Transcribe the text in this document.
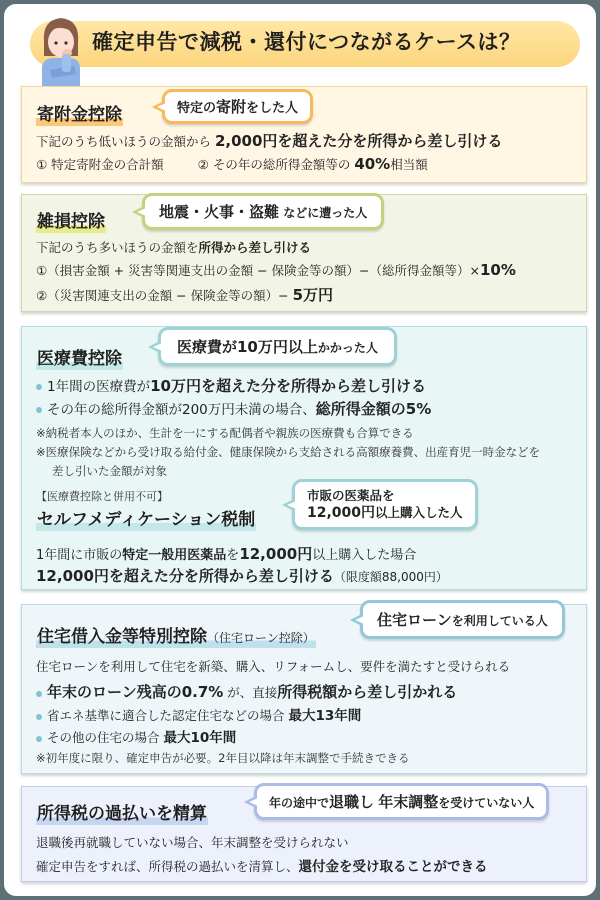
確定申告で減税・還付につながるケースは？
寄附金控除	特定の寄附をした人
下記のうち低いほうの金額から 2,000円を超えた分を所得から差し引ける
① 特定寄附金の合計額	② その年の総所得金額等の 40%相当額
雑損控除	地震・火事・盗難 などに遭った人
下記のうち多いほうの金額を所得から差し引ける
①（損害金額 + 災害等関連支出の金額 − 保険金等の額）−（総所得金額等）×10%
②（災害関連支出の金額 − 保険金等の額）− 5万円
医療費控除
医療費が10万円以上かかった人
1年間の医療費が10万円を超えた分を所得から差し引ける
その年の総所得金額が200万円未満の場合、総所得金額の5%
※納税者本人のほか、生計を一にする配偶者や親族の医療費も合算できる
※医療保険などから受け取る給付金、健康保険から支給される高額療養費、出産育児一時金などを
差し引いた金額が対象
【医療費控除と併用不可】
セルフメディケーション税制
市販の医薬品を
12,000円以上購入した人
1年間に市販の特定一般用医薬品を12,000円以上購入した場合
12,000円を超えた分を所得から差し引ける（限度額88,000円）
住宅借入金等特別控除（住宅ローン控除）
住宅ローンを利用している人
住宅ローンを利用して住宅を新築、購入、リフォームし、要件を満たすと受けられる
年末のローン残高の0.7% が、直接所得税額から差し引かれる
省エネ基準に適合した認定住宅などの場合 最大13年間
その他の住宅の場合 最大10年間
※初年度に限り、確定申告が必要。2年目以降は年末調整で手続きできる
所得税の過払いを精算
年の途中で退職し 年末調整を受けていない人
退職後再就職していない場合、年末調整を受けられない
確定申告をすれば、所得税の過払いを清算し、還付金を受け取ることができる
